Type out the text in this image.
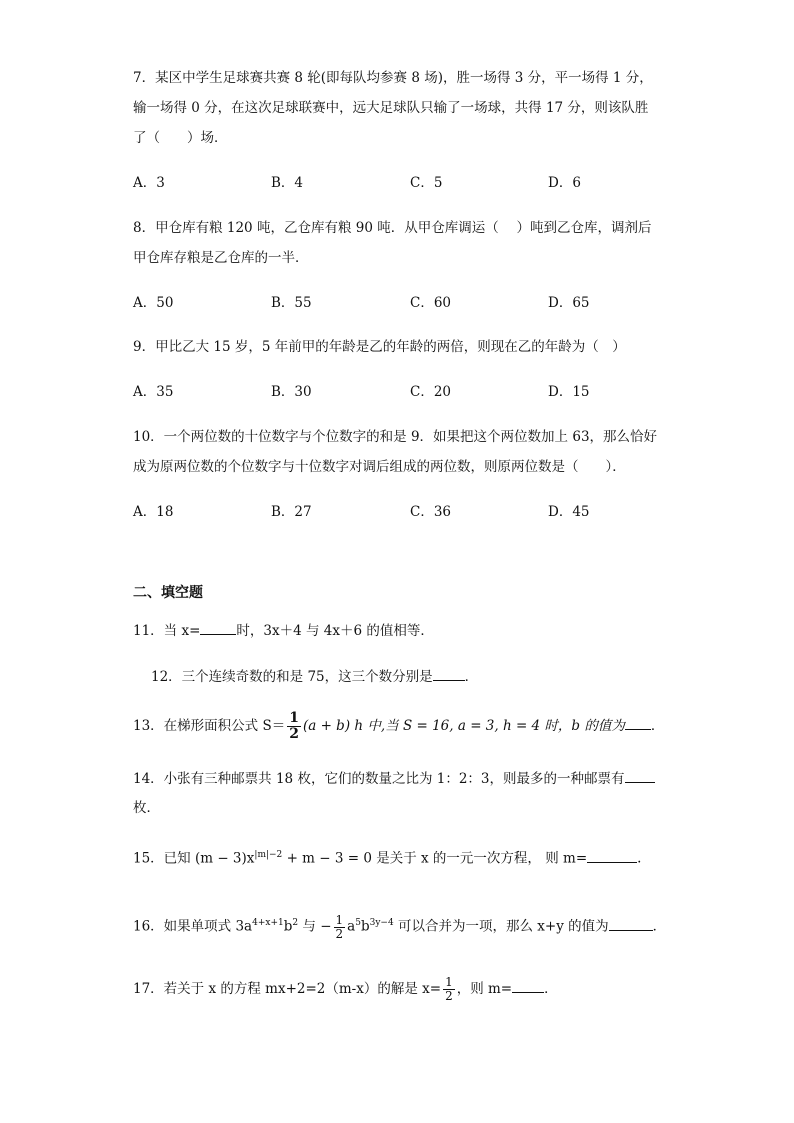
7．某区中学生足球赛共赛 8 轮(即每队均参赛 8 场)，胜一场得 3 分，平一场得 1 分，
输一场得 0 分，在这次足球联赛中，远大足球队只输了一场球，共得 17 分，则该队胜
了（　　）场．
A．3	B．4	C．5	D．6
8．甲仓库有粮 120 吨，乙仓库有粮 90 吨．从甲仓库调运（　 ）吨到乙仓库，调剂后
甲仓库存粮是乙仓库的一半．
A．50	B．55	C．60	D．65
9．甲比乙大 15 岁，5 年前甲的年龄是乙的年龄的两倍，则现在乙的年龄为（　）
A．35	B．30	C．20	D．15
10．一个两位数的十位数字与个位数字的和是 9．如果把这个两位数加上 63，那么恰好
成为原两位数的个位数字与十位数字对调后组成的两位数，则原两位数是（　　）．
A．18	B．27	C．36	D．45
二、填空题
11．当 x=	时，3x＋4 与 4x＋6 的值相等．
12．三个连续奇数的和是 75，这三个数分别是 ．
13．在梯形面积公式 $S= \frac{1}{2} (a + b)$ h 中,当 S = 16, a = 3, h = 4 时，b 的值为 ．
14．小张有三种邮票共 18 枚，它们的数量之比为 1：2：3，则最多的一种邮票有
枚．
15．已知 $(m - 3)x^{|m|-2} + m - 3 = 0$ 是关于 x 的一元一次方程， 则 m=	.
16．如果单项式 $3a^{4+x+1}b^2$ 与 − $\frac{1}{2} a^5b^{3y-4}$ 可以合并为一项，那么 x+y 的值为	．
17．若关于 x 的方程 mx+2=2（m-x）的解是 $x= \frac{1}{2}$ ，则 m= ．
